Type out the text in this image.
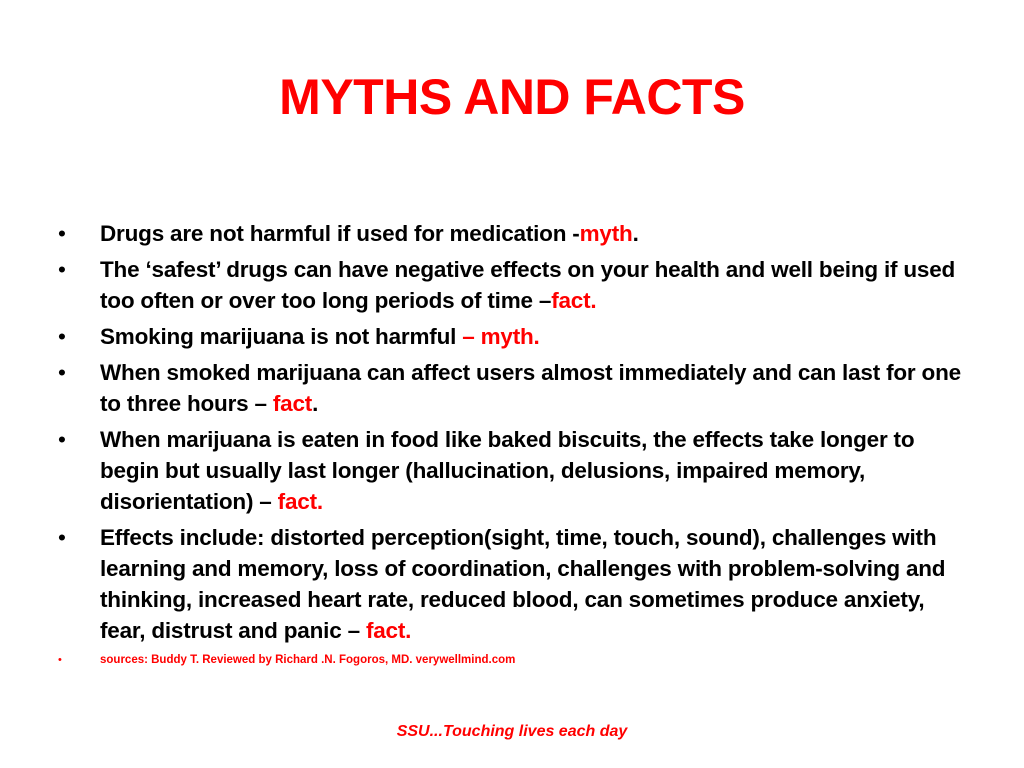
MYTHS AND FACTS
• Drugs are not harmful if used for medication -myth.
• The ‘safest’ drugs can have negative effects on your health and well being if used too often or over too long periods of time –fact.
• Smoking marijuana is not harmful – myth.
• When smoked marijuana can affect users almost immediately and can last for one to three hours – fact.
• When marijuana is eaten in food like baked biscuits, the effects take longer to begin but usually last longer (hallucination, delusions, impaired memory, disorientation) – fact.
• Effects include: distorted perception(sight, time, touch, sound), challenges with learning and memory, loss of coordination, challenges with problem-solving and thinking, increased heart rate, reduced blood, can sometimes produce anxiety, fear, distrust and panic – fact.
•	sources: Buddy T. Reviewed by Richard .N. Fogoros, MD. verywellmind.com
SSU...Touching lives each day
